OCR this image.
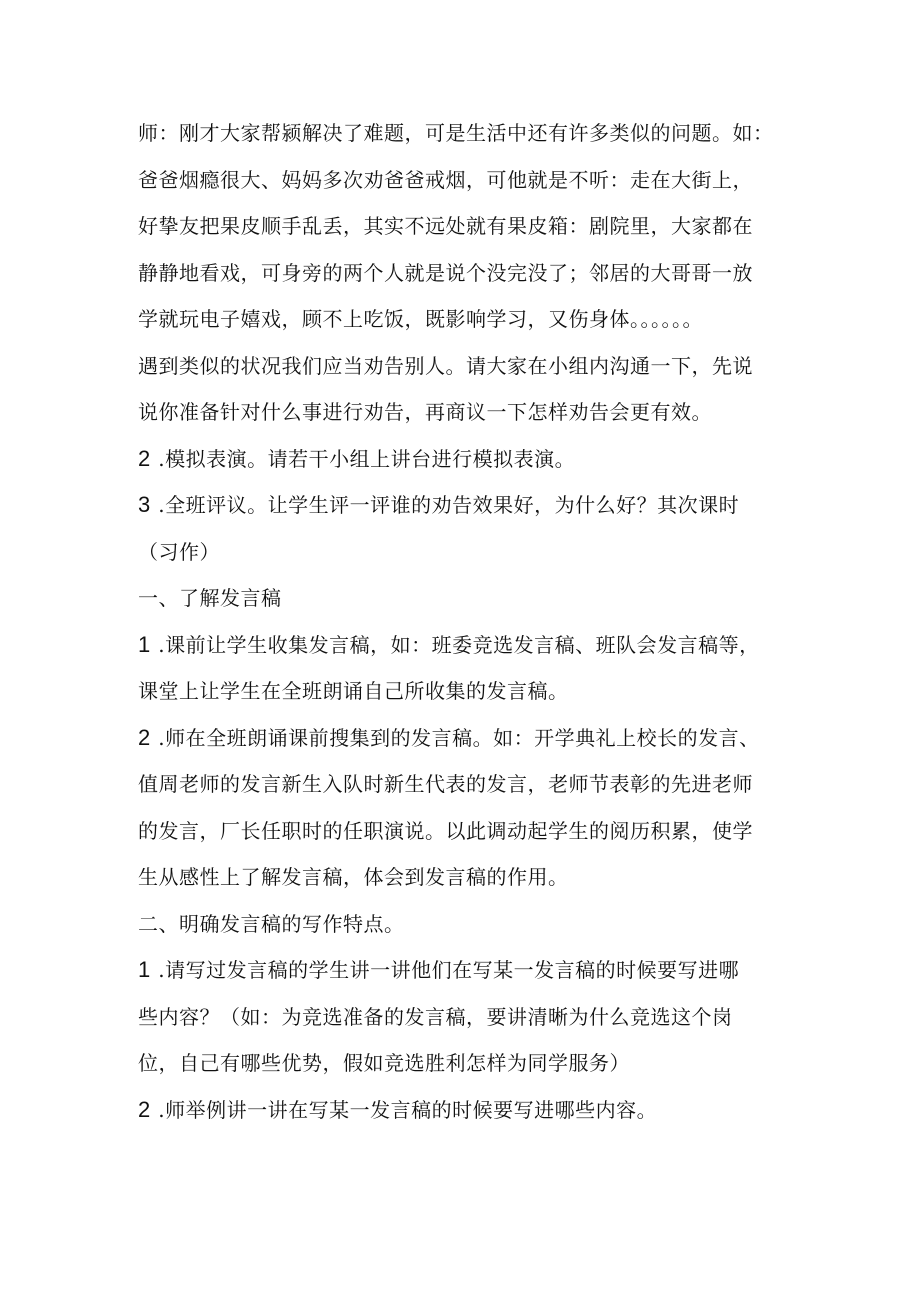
师：刚才大家帮颍解决了难题，可是生活中还有许多类似的问题。如：
爸爸烟瘾很大、妈妈多次劝爸爸戒烟，可他就是不听：走在大街上，
好挚友把果皮顺手乱丢，其实不远处就有果皮箱：剧院里，大家都在
静静地看戏，可身旁的两个人就是说个没完没了；邻居的大哥哥一放
学就玩电子嬉戏，顾不上吃饭，既影响学习，又伤身体。。。。。。
遇到类似的状况我们应当劝告别人。请大家在小组内沟通一下，先说
说你准备针对什么事进行劝告，再商议一下怎样劝告会更有效。
2 .模拟表演。请若干小组上讲台进行模拟表演。
3 .全班评议。让学生评一评谁的劝告效果好，为什么好？其次课时
（习作）
一、了解发言稿
1 .课前让学生收集发言稿，如：班委竞选发言稿、班队会发言稿等，
课堂上让学生在全班朗诵自己所收集的发言稿。
2 .师在全班朗诵课前搜集到的发言稿。如：开学典礼上校长的发言、
值周老师的发言新生入队时新生代表的发言，老师节表彰的先进老师
的发言，厂长任职时的任职演说。以此调动起学生的阅历积累，使学
生从感性上了解发言稿，体会到发言稿的作用。
二、明确发言稿的写作特点。
1 .请写过发言稿的学生讲一讲他们在写某一发言稿的时候要写进哪
些内容？（如：为竞选准备的发言稿，要讲清晰为什么竞选这个岗
位，自己有哪些优势，假如竞选胜利怎样为同学服务）
2 .师举例讲一讲在写某一发言稿的时候要写进哪些内容。
